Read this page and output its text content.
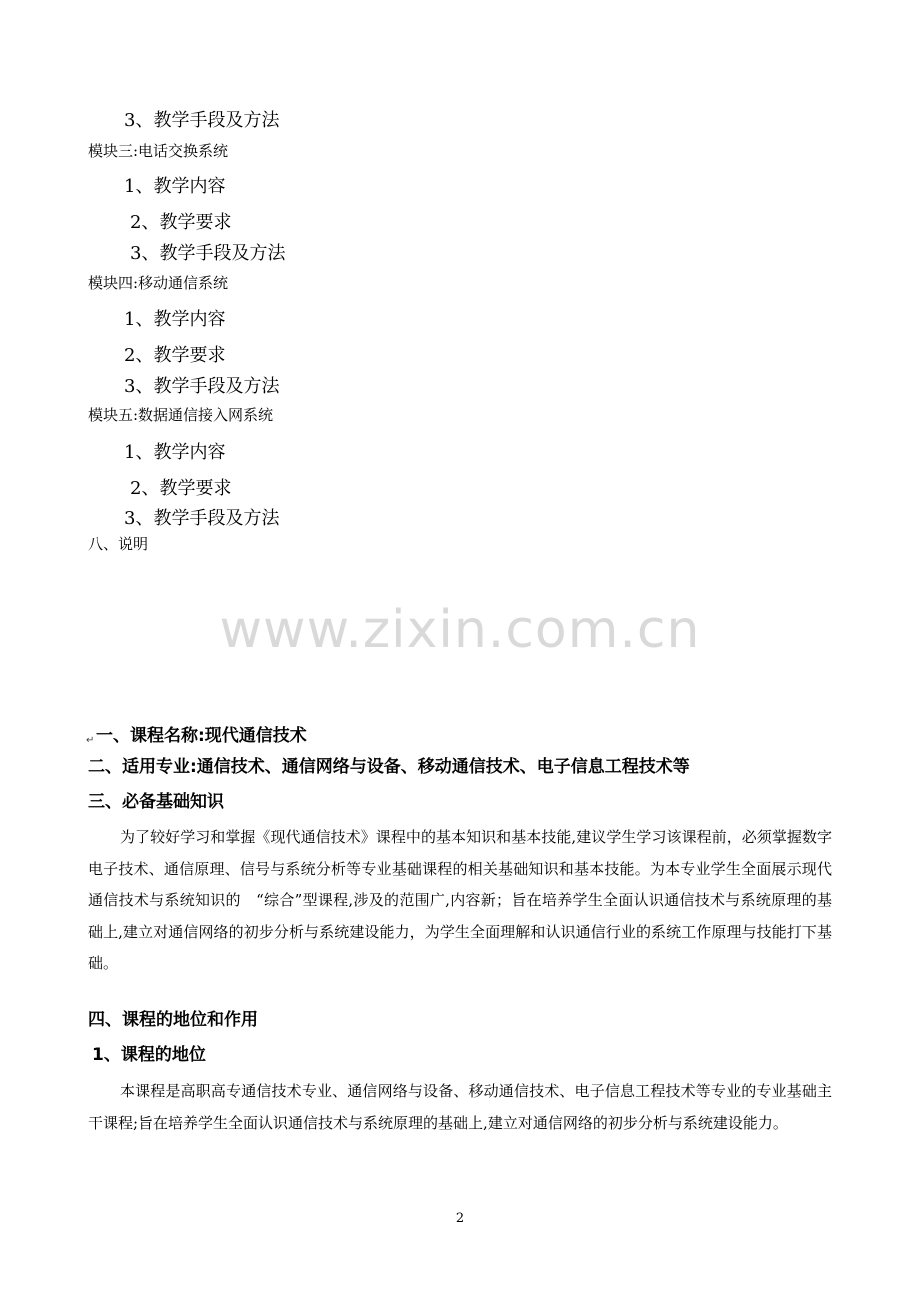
3、教学手段及方法
模块三:电话交换系统
1、教学内容
2、教学要求
3、教学手段及方法
模块四:移动通信系统
1、教学内容
2、教学要求
3、教学手段及方法
模块五:数据通信接入网系统
1、教学内容
2、教学要求
3、教学手段及方法
八、说明
www.zixin.com.cn
↵ 一、课程名称:现代通信技术
二、适用专业:通信技术、通信网络与设备、移动通信技术、电子信息工程技术等
三、必备基础知识
为了较好学习和掌握《现代通信技术》课程中的基本知识和基本技能,建议学生学习该课程前，必须掌握数字电子技术、通信原理、信号与系统分析等专业基础课程的相关基础知识和基本技能。为本专业学生全面展示现代通信技术与系统知识的　“综合”型课程,涉及的范围广,内容新；旨在培养学生全面认识通信技术与系统原理的基础上,建立对通信网络的初步分析与系统建设能力，为学生全面理解和认识通信行业的系统工作原理与技能打下基础。
四、课程的地位和作用
1、课程的地位
本课程是高职高专通信技术专业、通信网络与设备、移动通信技术、电子信息工程技术等专业的专业基础主干课程;旨在培养学生全面认识通信技术与系统原理的基础上,建立对通信网络的初步分析与系统建设能力。
2
